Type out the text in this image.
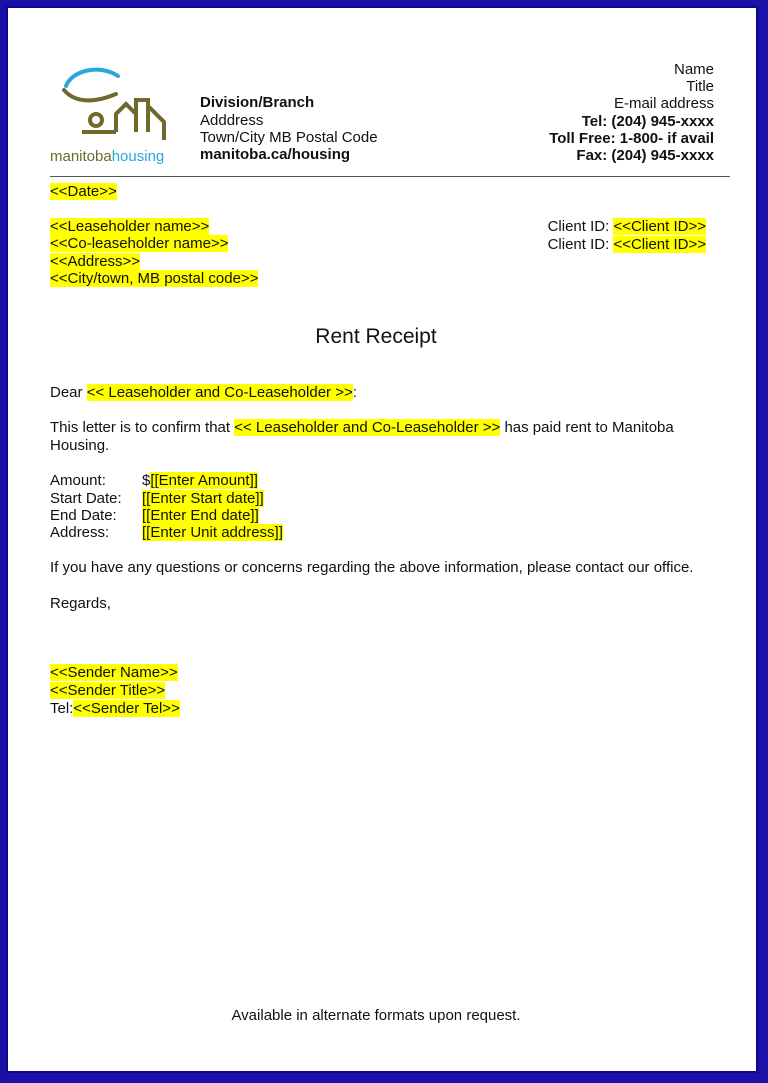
manitobahousing
Division/Branch
Adddress
Town/City MB Postal Code
manitoba.ca/housing
Name
Title
E-mail address
Tel: (204) 945-xxxx
Toll Free: 1-800- if avail
Fax: (204) 945-xxxx
<<Date>>
<<Leaseholder name>>
<<Co-leaseholder name>>
<<Address>>
<<City/town, MB postal code>>
Client ID: <<Client ID>>
Client ID: <<Client ID>>
Rent Receipt
Dear << Leaseholder and Co-Leaseholder >>:
This letter is to confirm that << Leaseholder and Co-Leaseholder >> has paid rent to Manitoba
Housing.
Amount: $[[Enter Amount]]
Start Date: [[Enter Start date]]
End Date: [[Enter End date]]
Address: [[Enter Unit address]]
If you have any questions or concerns regarding the above information, please contact our office.
Regards,
<<Sender Name>>
<<Sender Title>>
Tel:<<Sender Tel>>
Available in alternate formats upon request.
